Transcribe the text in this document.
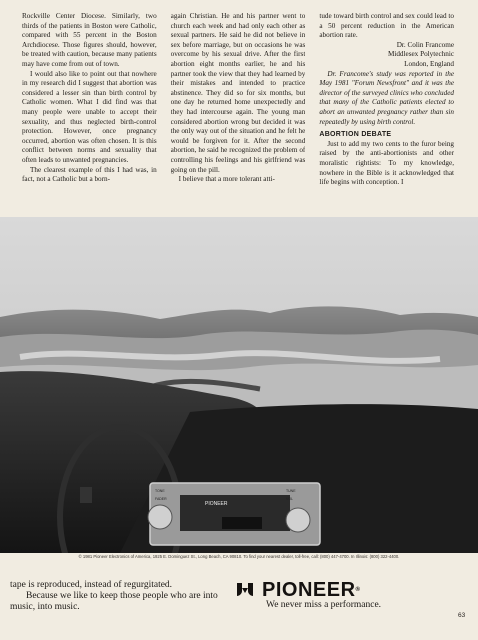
Rockville Center Diocese. Similarly, two thirds of the patients in Boston were Catholic, compared with 55 percent in the Boston Archdiocese. Those figures should, however, be treated with caution, because many patients may have come from out of town.

I would also like to point out that nowhere in my research did I suggest that abortion was considered a lesser sin than birth control by Catholic women. What I did find was that many people were unable to accept their sexuality, and thus neglected birth-control protection. However, once pregnancy occurred, abortion was often chosen. It is this conflict between norms and sexuality that often leads to unwanted pregnancies.

The clearest example of this I had was, in fact, not a Catholic but a born-

again Christian. He and his partner went to church each week and had only each other as sexual partners. He said he did not believe in sex before marriage, but on occasions he was overcome by his sexual drive. After the first abortion eight months earlier, he and his partner took the view that they had learned by their mistakes and intended to practice abstinence. They did so for six months, but one day he returned home unexpectedly and they had intercourse again. The young man considered abortion wrong but decided it was the only way out of the situation and he felt he would be forgiven for it. After the second abortion, he said he recognized the problem of controlling his feelings and his girlfriend was going on the pill.

I believe that a more tolerant atti-

tude toward birth control and sex could lead to a 50 percent reduction in the American abortion rate.

Dr. Colin Francome

Middlesex Polytechnic

London, England

Dr. Francome's study was reported in the May 1981 "Forum Newsfront" and it was the director of the surveyed clinics who concluded that many of the Catholic patients elected to abort an unwanted pregnancy rather than sin repeatedly by using birth control.

ABORTION DEBATE

Just to add my two cents to the furor being raised by the anti-abortionists and other moralistic rightists: To my knowledge, nowhere in the Bible is it acknowledged that life begins with conception. I

PIONEER
TONE
FADER
TUNE
VOL
© 1981 Pioneer Electronics of America, 1925 E. Dominguez St., Long Beach, CA 90810. To find your nearest dealer, toll-free, call: (800) 447-4700. In Illinois: (800) 322-4400.
tape is reproduced, instead of regurgitated.
Because we like to keep those people who are into
music, into music.
PIONEER®
We never miss a performance.
63
